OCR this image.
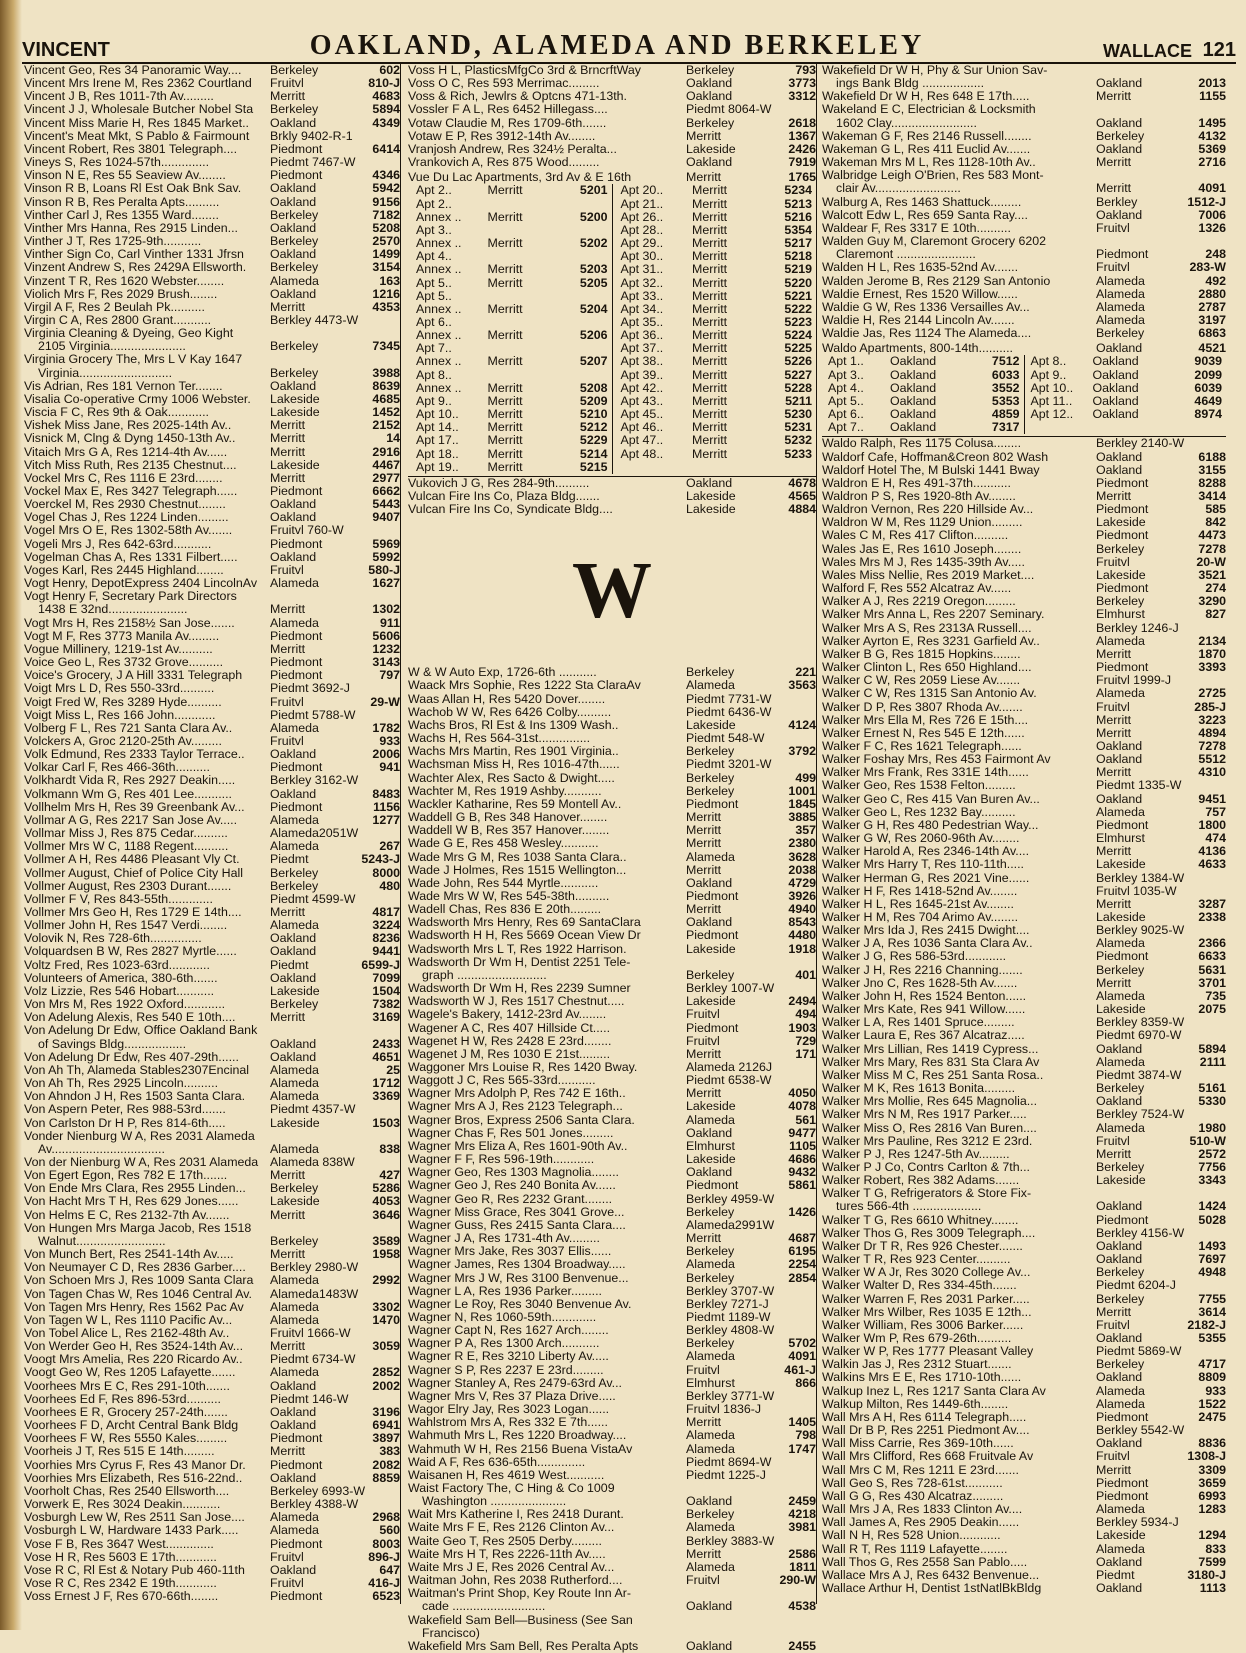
VINCENT	OAKLAND, ALAMEDA AND BERKELEY	WALLACE 121
Vincent Geo, Res 34 Panoramic Way....	Berkeley	602
Vincent Mrs Irene M, Res 2362 Courtland	Fruitvl	810-J
Vincent J B, Res 1011-7th Av.........	Merritt	4683
Vincent J J, Wholesale Butcher Nobel Sta	Berkeley	5894
Vincent Miss Marie H, Res 1845 Market..	Oakland	4349
Vincent's Meat Mkt, S Pablo & Fairmount	Brkly 9402-R-1
Vincent Robert, Res 3801 Telegraph....	Piedmont	6414
Vineys S, Res 1024-57th..............	Piedmt 7467-W
Vinson N E, Res 55 Seaview Av........	Piedmont	4346
Vinson R B, Loans Rl Est Oak Bnk Sav.	Oakland	5942
Vinson R B, Res Peralta Apts..........	Oakland	9156
Vinther Carl J, Res 1355 Ward........	Berkeley	7182
Vinther Mrs Hanna, Res 2915 Linden...	Oakland	5208
Vinther J T, Res 1725-9th...........	Berkeley	2570
Vinther Sign Co, Carl Vinther 1331 Jfrsn	Oakland	1499
Vinzent Andrew S, Res 2429A Ellsworth.	Berkeley	3154
Vinzent T R, Res 1620 Webster........	Alameda	163
Violich Mrs F, Res 2029 Brush........	Oakland	1216
Virgil A F, Res 2 Beulah Pk..........	Merritt	4353
Virgin C A, Res 2800 Grant...........	Berkley 4473-W
Virginia Cleaning & Dyeing, Geo Kight
2105 Virginia......................	Berkeley	7345
Virginia Grocery The, Mrs L V Kay 1647
Virginia...........................	Berkeley	3988
Vis Adrian, Res 181 Vernon Ter........	Oakland	8639
Visalia Co-operative Crmy 1006 Webster.	Lakeside	4685
Viscia F C, Res 9th & Oak............	Lakeside	1452
Vishek Miss Jane, Res 2025-14th Av..	Merritt	2152
Visnick M, Clng & Dyng 1450-13th Av..	Merritt	14
Vitaich Mrs G A, Res 1214-4th Av......	Merritt	2916
Vitch Miss Ruth, Res 2135 Chestnut....	Lakeside	4467
Vockel Mrs C, Res 1116 E 23rd........	Merritt	2977
Vockel Max E, Res 3427 Telegraph......	Piedmont	6662
Voerckel M, Res 2930 Chestnut........	Oakland	5443
Vogel Chas J, Res 1224 Linden.........	Oakland	9407
Vogel Mrs O E, Res 1302-58th Av.......	Fruitvl 760-W
Vogeli Mrs J, Res 642-63rd...........	Piedmont	5969
Vogelman Chas A, Res 1331 Filbert.....	Oakland	5992
Voges Karl, Res 2445 Highland........	Fruitvl	580-J
Vogt Henry, DepotExpress 2404 LincolnAv	Alameda	1627
Vogt Henry F, Secretary Park Directors
1438 E 32nd.......................	Merritt	1302
Vogt Mrs H, Res 2158½ San Jose.......	Alameda	911
Vogt M F, Res 3773 Manila Av.........	Piedmont	5606
Vogue Millinery, 1219-1st Av..........	Merritt	1232
Voice Geo L, Res 3732 Grove..........	Piedmont	3143
Voice's Grocery, J A Hill 3331 Telegraph	Piedmont	797
Voigt Mrs L D, Res 550-33rd..........	Piedmt 3692-J
Voigt Fred W, Res 3289 Hyde..........	Fruitvl	29-W
Voigt Miss L, Res 166 John............	Piedmt 5788-W
Volberg F L, Res 721 Santa Clara Av..	Alameda	1782
Volckers A, Groc 2120-25th Av.........	Fruitvl	933
Volk Edmund, Res 2333 Taylor Terrace..	Oakland	2006
Volkar Carl F, Res 466-36th..........	Piedmont	941
Volkhardt Vida R, Res 2927 Deakin.....	Berkley 3162-W
Volkmann Wm G, Res 401 Lee...........	Oakland	8483
Vollhelm Mrs H, Res 39 Greenbank Av...	Piedmont	1156
Vollmar A G, Res 2217 San Jose Av.....	Alameda	1277
Vollmar Miss J, Res 875 Cedar..........	Alameda2051W
Vollmer Mrs W C, 1188 Regent..........	Alameda	267
Vollmer A H, Res 4486 Pleasant Vly Ct.	Piedmt	5243-J
Vollmer August, Chief of Police City Hall	Berkeley	8000
Vollmer August, Res 2303 Durant.......	Berkeley	480
Vollmer F V, Res 843-55th.............	Piedmt 4599-W
Vollmer Mrs Geo H, Res 1729 E 14th....	Merritt	4817
Vollmer John H, Res 1547 Verdi........	Alameda	3224
Volovik N, Res 728-6th...............	Oakland	8236
Volquardsen B W, Res 2827 Myrtle......	Oakland	9441
Voltz Fred, Res 1023-63rd............	Piedmt	6599-J
Volunteers of America, 380-6th.......	Oakland	7099
Volz Lizzie, Res 546 Hobart...........	Lakeside	1504
Von Mrs M, Res 1922 Oxford............	Berkeley	7382
Von Adelung Alexis, Res 540 E 10th....	Merritt	3169
Von Adelung Dr Edw, Office Oakland Bank
of Savings Bldg..................	Oakland	2433
Von Adelung Dr Edw, Res 407-29th......	Oakland	4651
Von Ah Th, Alameda Stables2307Encinal	Alameda	25
Von Ah Th, Res 2925 Lincoln..........	Alameda	1712
Von Ahndon J H, Res 1503 Santa Clara.	Alameda	3369
Von Aspern Peter, Res 988-53rd.......	Piedmt 4357-W
Von Carlston Dr H P, Res 814-6th.....	Lakeside	1503
Vonder Nienburg W A, Res 2031 Alameda
Av.................................	Alameda	838
Von der Nienburg W A, Res 2031 Alameda Alameda 838W
Von Egert Egon, Res 782 E 17th.......	Merritt	427
Von Ende Mrs Clara, Res 2955 Linden...	Berkeley	5286
Von Hacht Mrs T H, Res 629 Jones......	Lakeside	4053
Von Helms E C, Res 2132-7th Av.......	Merritt	3646
Von Hungen Mrs Marga Jacob, Res 1518
Walnut..........................	Berkeley	3589
Von Munch Bert, Res 2541-14th Av.....	Merritt	1958
Von Neumayer C D, Res 2836 Garber....	Berkley 2980-W
Von Schoen Mrs J, Res 1009 Santa Clara	Alameda	2992
Von Tagen Chas W, Res 1046 Central Av.	Alameda1483W
Von Tagen Mrs Henry, Res 1562 Pac Av	Alameda	3302
Von Tagen W L, Res 1110 Pacific Av...	Alameda	1470
Von Tobel Alice L, Res 2162-48th Av..	Fruitvl 1666-W
Von Werder Geo H, Res 3524-14th Av...	Merritt	3059
Voogt Mrs Amelia, Res 220 Ricardo Av..	Piedmt 6734-W
Voogt Geo W, Res 1205 Lafayette.......	Alameda	2852
Voorhees Mrs E C, Res 291-10th.......	Oakland	2002
Voorhees Ed F, Res 896-53rd..........	Piedmt 146-W
Voorhees E R, Grocery 257-24th.......	Oakland	3196
Voorhees F D, Archt Central Bank Bldg	Oakland	6941
Voorhees F W, Res 5550 Kales.........	Piedmont	3897
Voorheis J T, Res 515 E 14th.........	Merritt	383
Voorhies Mrs Cyrus F, Res 43 Manor Dr.	Piedmont	2082
Voorhies Mrs Elizabeth, Res 516-22nd..	Oakland	8859
Voorholt Chas, Res 2540 Ellsworth....	Berkeley 6993-W
Vorwerk E, Res 3024 Deakin...........	Berkley 4388-W
Vosburgh Lew W, Res 2511 San Jose....	Alameda	2968
Vosburgh L W, Hardware 1433 Park.....	Alameda	560
Vose F B, Res 3647 West..............	Piedmont	8003
Vose H R, Res 5603 E 17th............	Fruitvl	896-J
Vose R C, Rl Est & Notary Pub 460-11th	Oakland	647
Vose R C, Res 2342 E 19th............	Fruitvl	416-J
Voss Ernest J F, Res 670-66th........	Piedmont	6523
Voss H L, PlasticsMfgCo 3rd & BrncrftWay	Berkeley	793
Voss O C, Res 593 Merrimac.........	Oakland	3773
Voss & Rich, Jewlrs & Optcns 471-13th.	Oakland	3312
Vossler F A L, Res 6452 Hillegass....	Piedmt 8064-W
Votaw Claudie M, Res 1709-6th.......	Berkeley	2618
Votaw E P, Res 3912-14th Av........	Merritt	1367
Vranjosh Andrew, Res 324½ Peralta...	Lakeside	2426
Vrankovich A, Res 875 Wood.........	Oakland	7919
Vue Du Lac Apartments, 3rd Av & E 16th	Merritt	1765
Apt 2..	Merritt	5201
Apt 2..
Annex ..	Merritt	5200
Apt 3..
Annex ..	Merritt	5202
Apt 4..
Annex ..	Merritt	5203
Apt 5..	Merritt	5205
Apt 5..
Annex ..	Merritt	5204
Apt 6..
Annex ..	Merritt	5206
Apt 7..
Annex ..	Merritt	5207
Apt 8..
Annex ..	Merritt	5208
Apt 9..	Merritt	5209
Apt 10..	Merritt	5210
Apt 14..	Merritt	5212
Apt 17..	Merritt	5229
Apt 18..	Merritt	5214
Apt 19..	Merritt	5215
Apt 20..	Merritt	5234
Apt 21..	Merritt	5213
Apt 26..	Merritt	5216
Apt 28..	Merritt	5354
Apt 29..	Merritt	5217
Apt 30..	Merritt	5218
Apt 31..	Merritt	5219
Apt 32..	Merritt	5220
Apt 33..	Merritt	5221
Apt 34..	Merritt	5222
Apt 35..	Merritt	5223
Apt 36..	Merritt	5224
Apt 37..	Merritt	5225
Apt 38..	Merritt	5226
Apt 39..	Merritt	5227
Apt 42..	Merritt	5228
Apt 43..	Merritt	5211
Apt 45..	Merritt	5230
Apt 46..	Merritt	5231
Apt 47..	Merritt	5232
Apt 48..	Merritt	5233
Vukovich J G, Res 284-9th..........	Oakland	4678
Vulcan Fire Ins Co, Plaza Bldg.......	Lakeside	4565
Vulcan Fire Ins Co, Syndicate Bldg....	Lakeside	4884
W
W & W Auto Exp, 1726-6th ...........	Berkeley	221
Waack Mrs Sophie, Res 1222 Sta ClaraAv	Alameda	3563
Waas Allan H, Res 5420 Dover........	Piedmt 7731-W
Wachob W W, Res 6426 Colby..........	Piedmt 6436-W
Wachs Bros, Rl Est & Ins 1309 Wash..	Lakeside	4124
Wachs H, Res 564-31st...............	Piedmt 548-W
Wachs Mrs Martin, Res 1901 Virginia..	Berkeley	3792
Wachsman Miss H, Res 1016-47th......	Piedmt 3201-W
Wachter Alex, Res Sacto & Dwight.....	Berkeley	499
Wachter M, Res 1919 Ashby...........	Berkeley	1001
Wackler Katharine, Res 59 Montell Av..	Piedmont	1845
Waddell G B, Res 348 Hanover........	Merritt	3885
Waddell W B, Res 357 Hanover........	Merritt	357
Wade G E, Res 458 Wesley...........	Merritt	2380
Wade Mrs G M, Res 1038 Santa Clara..	Alameda	3628
Wade J Holmes, Res 1515 Wellington...	Merritt	2038
Wade John, Res 544 Myrtle...........	Oakland	4729
Wade Mrs W W, Res 545-38th..........	Piedmont	3926
Wadell Chas, Res 836 E 20th.........	Merritt	4940
Wadsworth Mrs Henry, Res 69 SantaClara	Oakland	8543
Wadsworth H H, Res 5669 Ocean View Dr	Piedmont	4480
Wadsworth Mrs L T, Res 1922 Harrison.	Lakeside	1918
Wadsworth Dr Wm H, Dentist 2251 Tele-
graph ..........................	Berkeley	401
Wadsworth Dr Wm H, Res 2239 Sumner	Berkley 1007-W
Wadsworth W J, Res 1517 Chestnut.....	Lakeside	2494
Wagele's Bakery, 1412-23rd Av........	Fruitvl	494
Wagener A C, Res 407 Hillside Ct.....	Piedmont	1903
Wagenet H W, Res 2428 E 23rd........	Fruitvl	729
Wagenet J M, Res 1030 E 21st.........	Merritt	171
Waggoner Mrs Louise R, Res 1420 Bway.	Alameda 2126J
Waggott J C, Res 565-33rd...........	Piedmt 6538-W
Wagner Mrs Adolph P, Res 742 E 16th..	Merritt	4050
Wagner Mrs A J, Res 2123 Telegraph...	Lakeside	4078
Wagner Bros, Express 2506 Santa Clara.	Alameda	561
Wagner Chas F, Res 501 Jones.........	Oakland	9477
Wagner Mrs Eliza A, Res 1601-90th Av..	Elmhurst	1105
Wagner F F, Res 596-19th............	Lakeside	4686
Wagner Geo, Res 1303 Magnolia........	Oakland	9432
Wagner Geo J, Res 240 Bonita Av......	Piedmont	5861
Wagner Geo R, Res 2232 Grant........	Berkley 4959-W
Wagner Miss Grace, Res 3041 Grove...	Berkeley	1426
Wagner Guss, Res 2415 Santa Clara....	Alameda2991W
Wagner J A, Res 1731-4th Av.........	Merritt	4687
Wagner Mrs Jake, Res 3037 Ellis......	Berkeley	6195
Wagner James, Res 1304 Broadway.....	Alameda	2254
Wagner Mrs J W, Res 3100 Benvenue...	Berkeley	2854
Wagner L A, Res 1936 Parker.........	Berkley 3707-W
Wagner Le Roy, Res 3040 Benvenue Av.	Berkley 7271-J
Wagner N, Res 1060-59th.............	Piedmt 1189-W
Wagner Capt N, Res 1627 Arch........	Berkley 4808-W
Wagner P A, Res 1300 Arch...........	Berkeley	5702
Wagner R E, Res 3210 Liberty Av.....	Alameda	4091
Wagner S P, Res 2237 E 23rd.........	Fruitvl	461-J
Wagner Stanley A, Res 2479-63rd Av...	Elmhurst	866
Wagner Mrs V, Res 37 Plaza Drive.....	Berkley 3771-W
Wagor Elry Jay, Res 3023 Logan......	Fruitvl 1836-J
Wahlstrom Mrs A, Res 332 E 7th......	Merritt	1405
Wahmuth Mrs L, Res 1220 Broadway....	Alameda	798
Wahmuth W H, Res 2156 Buena VistaAv	Alameda	1747
Waid A F, Res 636-65th..............	Piedmt 8694-W
Waisanen H, Res 4619 West...........	Piedmt 1225-J
Waist Factory The, C Hing & Co 1009
Washington ......................	Oakland	2459
Wait Mrs Katherine I, Res 2418 Durant.	Berkeley	4218
Waite Mrs F E, Res 2126 Clinton Av...	Alameda	3981
Waite Geo T, Res 2505 Derby.........	Berkley 3883-W
Waite Mrs H T, Res 2226-11th Av.....	Merritt	2586
Waite Mrs J E, Res 2026 Central Av...	Alameda	1811
Waitman John, Res 2038 Rutherford....	Fruitvl	290-W
Waitman's Print Shop, Key Route Inn Ar-
cade ...........................	Oakland	4538
Wakefield Sam Bell—Business (See San
Francisco)
Wakefield Mrs Sam Bell, Res Peralta Apts	Oakland	2455
Wakefield Dr W H, Phy & Sur Union Sav-
ings Bank Bldg ..................	Oakland	2013
Wakefield Dr W H, Res 648 E 17th.....	Merritt	1155
Wakeland E C, Electrician & Locksmith
1602 Clay.........................	Oakland	1495
Wakeman G F, Res 2146 Russell........	Berkeley	4132
Wakeman G L, Res 411 Euclid Av.......	Oakland	5369
Wakeman Mrs M L, Res 1128-10th Av..	Merritt	2716
Walbridge Leigh O'Brien, Res 583 Mont-
clair Av.........................	Merritt	4091
Walburg A, Res 1463 Shattuck.........	Berkley	1512-J
Walcott Edw L, Res 659 Santa Ray....	Oakland	7006
Waldear F, Res 3317 E 10th..........	Fruitvl	1326
Walden Guy M, Claremont Grocery 6202
Claremont .......................	Piedmont	248
Walden H L, Res 1635-52nd Av.......	Fruitvl	283-W
Walden Jerome B, Res 2129 San Antonio	Alameda	492
Waldie Ernest, Res 1520 Willow......	Alameda	2880
Waldie G W, Res 1336 Versailles Av...	Alameda	2787
Waldie H, Res 2144 Lincoln Av.......	Alameda	3197
Waldie Jas, Res 1124 The Alameda....	Berkeley	6863
Waldo Apartments, 800-14th..........	Oakland	4521
Apt 1..	Oakland	7512
Apt 3..	Oakland	6033
Apt 4..	Oakland	3552
Apt 5..	Oakland	5353
Apt 6..	Oakland	4859
Apt 7..	Oakland	7317
Apt 8..	Oakland	9039
Apt 9..	Oakland	2099
Apt 10..	Oakland	6039
Apt 11..	Oakland	4649
Apt 12..	Oakland	8974
Waldo Ralph, Res 1175 Colusa........	Berkley 2140-W
Waldorf Cafe, Hoffman&Creon 802 Wash	Oakland	6188
Waldorf Hotel The, M Bulski 1441 Bway	Oakland	3155
Waldron E H, Res 491-37th...........	Piedmont	8288
Waldron P S, Res 1920-8th Av........	Merritt	3414
Waldron Vernon, Res 220 Hillside Av...	Piedmont	585
Waldron W M, Res 1129 Union.........	Lakeside	842
Wales C M, Res 417 Clifton..........	Piedmont	4473
Wales Jas E, Res 1610 Joseph........	Berkeley	7278
Wales Mrs M J, Res 1435-39th Av.....	Fruitvl	20-W
Wales Miss Nellie, Res 2019 Market....	Lakeside	3521
Walford F, Res 552 Alcatraz Av......	Piedmont	274
Walker A J, Res 2219 Oregon.........	Berkeley	3290
Walker Mrs Anna L, Res 2207 Seminary.	Elmhurst	827
Walker Mrs A S, Res 2313A Russell....	Berkley 1246-J
Walker Ayrton E, Res 3231 Garfield Av..	Alameda	2134
Walker B G, Res 1815 Hopkins........	Merritt	1870
Walker Clinton L, Res 650 Highland....	Piedmont	3393
Walker C W, Res 2059 Liese Av.......	Fruitvl 1999-J
Walker C W, Res 1315 San Antonio Av.	Alameda	2725
Walker D P, Res 3807 Rhoda Av.......	Fruitvl	285-J
Walker Mrs Ella M, Res 726 E 15th....	Merritt	3223
Walker Ernest N, Res 545 E 12th......	Merritt	4894
Walker F C, Res 1621 Telegraph......	Oakland	7278
Walker Foshay Mrs, Res 453 Fairmont Av	Oakland	5512
Walker Mrs Frank, Res 331E 14th......	Merritt	4310
Walker Geo, Res 1538 Felton.........	Piedmt 1335-W
Walker Geo C, Res 415 Van Buren Av...	Oakland	9451
Walker Geo L, Res 1232 Bay..........	Alameda	757
Walker G H, Res 480 Pedestrian Way...	Piedmont	1800
Walker G W, Res 2060-96th Av........	Elmhurst	474
Walker Harold A, Res 2346-14th Av....	Merritt	4136
Walker Mrs Harry T, Res 110-11th.....	Lakeside	4633
Walker Herman G, Res 2021 Vine......	Berkley 1384-W
Walker H F, Res 1418-52nd Av........	Fruitvl 1035-W
Walker H L, Res 1645-21st Av........	Merritt	3287
Walker H M, Res 704 Arimo Av........	Lakeside	2338
Walker Mrs Ida J, Res 2415 Dwight....	Berkley 9025-W
Walker J A, Res 1036 Santa Clara Av..	Alameda	2366
Walker J G, Res 586-53rd............	Piedmont	6633
Walker J H, Res 2216 Channing.......	Berkeley	5631
Walker Jno C, Res 1628-5th Av.......	Merritt	3701
Walker John H, Res 1524 Benton......	Alameda	735
Walker Mrs Kate, Res 941 Willow......	Lakeside	2075
Walker L A, Res 1401 Spruce.........	Berkley 8359-W
Walker Laura E, Res 367 Alcatraz.....	Piedmt 6970-W
Walker Mrs Lillian, Res 1419 Cypress...	Oakland	5894
Walker Mrs Mary, Res 831 Sta Clara Av	Alameda	2111
Walker Miss M C, Res 251 Santa Rosa..	Piedmt 3874-W
Walker M K, Res 1613 Bonita.........	Berkeley	5161
Walker Mrs Mollie, Res 645 Magnolia...	Oakland	5330
Walker Mrs N M, Res 1917 Parker.....	Berkley 7524-W
Walker Miss O, Res 2816 Van Buren....	Alameda	1980
Walker Mrs Pauline, Res 3212 E 23rd.	Fruitvl	510-W
Walker P J, Res 1247-5th Av.........	Merritt	2572
Walker P J Co, Contrs Carlton & 7th...	Berkeley	7756
Walker Robert, Res 382 Adams.......	Lakeside	3343
Walker T G, Refrigerators & Store Fix-
tures 566-4th ....................	Oakland	1424
Walker T G, Res 6610 Whitney........	Piedmont	5028
Walker Thos G, Res 3009 Telegraph....	Berkley 4156-W
Walker Dr T R, Res 926 Chester.......	Oakland	1493
Walker T R, Res 923 Center..........	Oakland	7697
Walker W A Jr, Res 3020 College Av...	Berkeley	4948
Walker Walter D, Res 334-45th.......	Piedmt 6204-J
Walker Warren F, Res 2031 Parker.....	Berkeley	7755
Walker Mrs Wilber, Res 1035 E 12th...	Merritt	3614
Walker William, Res 3006 Barker......	Fruitvl	2182-J
Walker Wm P, Res 679-26th..........	Oakland	5355
Walker W P, Res 1777 Pleasant Valley	Piedmt 5869-W
Walkin Jas J, Res 2312 Stuart.......	Berkeley	4717
Walkins Mrs E E, Res 1710-10th......	Oakland	8809
Walkup Inez L, Res 1217 Santa Clara Av	Alameda	933
Walkup Milton, Res 1449-6th........	Alameda	1522
Wall Mrs A H, Res 6114 Telegraph.....	Piedmont	2475
Wall Dr B P, Res 2251 Piedmont Av....	Berkley 5542-W
Wall Miss Carrie, Res 369-10th......	Oakland	8836
Wall Mrs Clifford, Res 668 Fruitvale Av	Fruitvl	1308-J
Wall Mrs C M, Res 1211 E 23rd.......	Merritt	3309
Wall Geo S, Res 728-61st...........	Piedmont	3659
Wall G G, Res 430 Alcatraz.........	Piedmont	6993
Wall Mrs J A, Res 1833 Clinton Av....	Alameda	1283
Wall James A, Res 2905 Deakin......	Berkley 5934-J
Wall N H, Res 528 Union............	Lakeside	1294
Wall R T, Res 1119 Lafayette........	Alameda	833
Wall Thos G, Res 2558 San Pablo.....	Oakland	7599
Wallace Mrs A J, Res 6432 Benvenue...	Piedmt	3180-J
Wallace Arthur H, Dentist 1stNatlBkBldg	Oakland	1113
